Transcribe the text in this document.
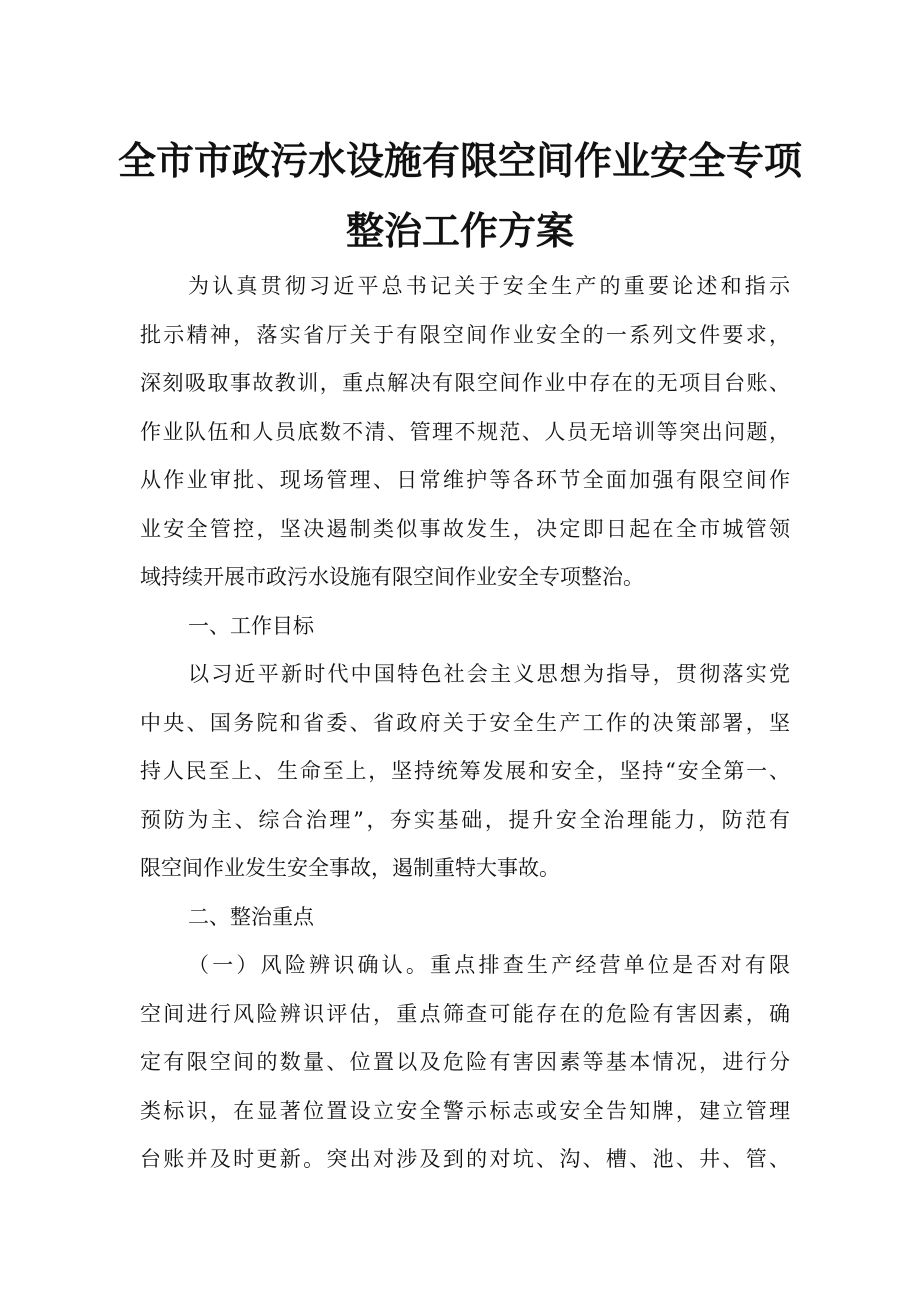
全市市政污水设施有限空间作业安全专项
整治工作方案
为认真贯彻习近平总书记关于安全生产的重要论述和指示
批示精神，落实省厅关于有限空间作业安全的一系列文件要求，
深刻吸取事故教训，重点解决有限空间作业中存在的无项目台账、
作业队伍和人员底数不清、管理不规范、人员无培训等突出问题，
从作业审批、现场管理、日常维护等各环节全面加强有限空间作
业安全管控，坚决遏制类似事故发生，决定即日起在全市城管领
域持续开展市政污水设施有限空间作业安全专项整治。
一、工作目标
以习近平新时代中国特色社会主义思想为指导，贯彻落实党
中央、国务院和省委、省政府关于安全生产工作的决策部署，坚
持人民至上、生命至上，坚持统筹发展和安全，坚持“安全第一、
预防为主、综合治理”，夯实基础，提升安全治理能力，防范有
限空间作业发生安全事故，遏制重特大事故。
二、整治重点
（一）风险辨识确认。重点排查生产经营单位是否对有限
空间进行风险辨识评估，重点筛查可能存在的危险有害因素，确
定有限空间的数量、位置以及危险有害因素等基本情况，进行分
类标识，在显著位置设立安全警示标志或安全告知牌，建立管理
台账并及时更新。突出对涉及到的对坑、沟、槽、池、井、管、
